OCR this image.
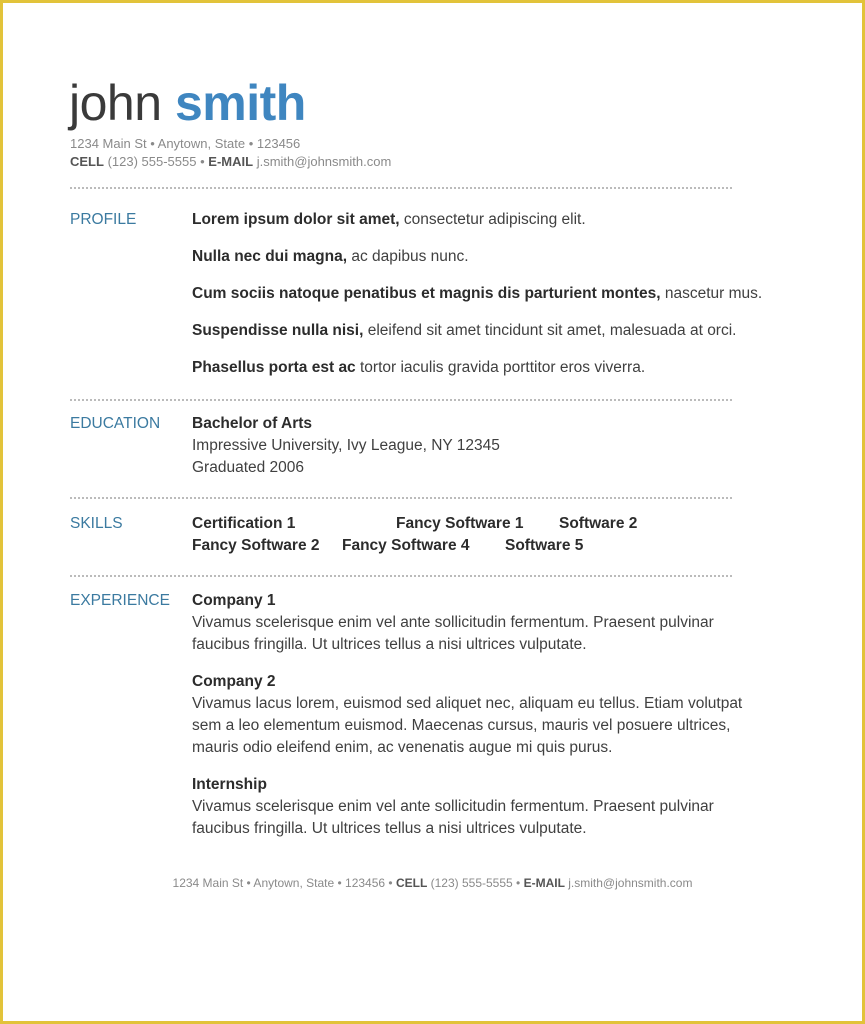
john smith
1234 Main St • Anytown, State • 123456
CELL (123) 555-5555 • E-MAIL j.smith@johnsmith.com
PROFILE	Lorem ipsum dolor sit amet, consectetur adipiscing elit.

Nulla nec dui magna, ac dapibus nunc.

Cum sociis natoque penatibus et magnis dis parturient montes, nascetur mus.

Suspendisse nulla nisi, eleifend sit amet tincidunt sit amet, malesuada at orci.

Phasellus porta est ac tortor iaculis gravida porttitor eros viverra.

EDUCATION Bachelor of Arts
Impressive University, Ivy League, NY 12345
Graduated 2006
SKILLS	Certification 1	Fancy Software 1 Software 2
Fancy Software 2 Fancy Software 4 Software 5
EXPERIENCE Company 1
Vivamus scelerisque enim vel ante sollicitudin fermentum. Praesent pulvinar faucibus fringilla. Ut ultrices tellus a nisi ultrices vulputate.
Company 2
Vivamus lacus lorem, euismod sed aliquet nec, aliquam eu tellus. Etiam volutpat sem a leo elementum euismod. Maecenas cursus, mauris vel posuere ultrices, mauris odio eleifend enim, ac venenatis augue mi quis purus.
Internship
Vivamus scelerisque enim vel ante sollicitudin fermentum. Praesent pulvinar faucibus fringilla. Ut ultrices tellus a nisi ultrices vulputate.
1234 Main St • Anytown, State • 123456 • CELL (123) 555-5555 • E-MAIL j.smith@johnsmith.com
